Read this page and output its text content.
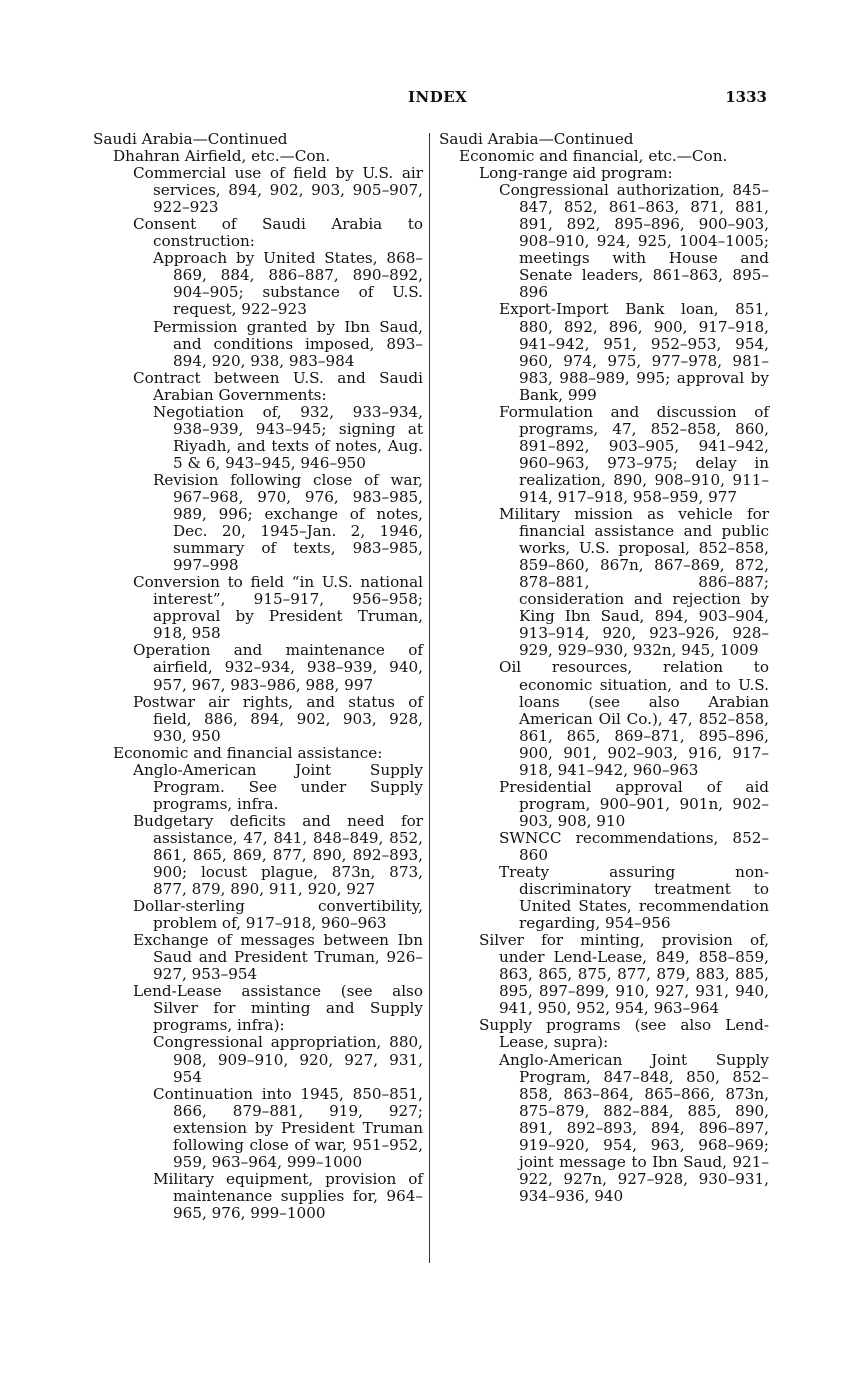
INDEX	1333
Saudi Arabia—Continued
Dhahran Airfield, etc.—Con.
Commercial use of field by U.S. air services, 894, 902, 903, 905–907, 922–923
Consent of Saudi Arabia to construction:
Approach by United States, 868–869, 884, 886–887, 890–892, 904–905; substance of U.S. request, 922–923
Permission granted by Ibn Saud, and conditions imposed, 893–894, 920, 938, 983–984
Contract between U.S. and Saudi Arabian Governments:
Negotiation of, 932, 933–934, 938–939, 943–945; signing at Riyadh, and texts of notes, Aug. 5 & 6, 943–945, 946–950
Revision following close of war, 967–968, 970, 976, 983–985, 989, 996; exchange of notes, Dec. 20, 1945–Jan. 2, 1946, summary of texts, 983–985, 997–998
Conversion to field “in U.S. national interest”, 915–917, 956–958; approval by President Truman, 918, 958
Operation and maintenance of airfield, 932–934, 938–939, 940, 957, 967, 983–986, 988, 997
Postwar air rights, and status of field, 886, 894, 902, 903, 928, 930, 950
Economic and financial assistance:
Anglo-American Joint Supply Program. See under Supply programs, infra.
Budgetary deficits and need for assistance, 47, 841, 848–849, 852, 861, 865, 869, 877, 890, 892–893, 900; locust plague, 873n, 873, 877, 879, 890, 911, 920, 927
Dollar-sterling convertibility, problem of, 917–918, 960–963
Exchange of messages between Ibn Saud and President Truman, 926–927, 953–954
Lend-Lease assistance (see also Silver for minting and Supply programs, infra):
Congressional appropriation, 880, 908, 909–910, 920, 927, 931, 954
Continuation into 1945, 850–851, 866, 879–881, 919, 927; extension by President Truman following close of war, 951–952, 959, 963–964, 999–1000
Military equipment, provision of maintenance supplies for, 964–965, 976, 999–1000
Saudi Arabia—Continued
Economic and financial, etc.—Con.
Long-range aid program:
Congressional authorization, 845–847, 852, 861–863, 871, 881, 891, 892, 895–896, 900–903, 908–910, 924, 925, 1004–1005; meetings with House and Senate leaders, 861–863, 895–896
Export-Import Bank loan, 851, 880, 892, 896, 900, 917–918, 941–942, 951, 952–953, 954, 960, 974, 975, 977–978, 981–983, 988–989, 995; approval by Bank, 999
Formulation and discussion of programs, 47, 852–858, 860, 891–892, 903–905, 941–942, 960–963, 973–975; delay in realization, 890, 908–910, 911–914, 917–918, 958–959, 977
Military mission as vehicle for financial assistance and public works, U.S. proposal, 852–858, 859–860, 867n, 867–869, 872, 878–881, 886–887; consideration and rejection by King Ibn Saud, 894, 903–904, 913–914, 920, 923–926, 928–929, 929–930, 932n, 945, 1009
Oil resources, relation to economic situation, and to U.S. loans (see also Arabian American Oil Co.), 47, 852–858, 861, 865, 869–871, 895–896, 900, 901, 902–903, 916, 917–918, 941–942, 960–963
Presidential approval of aid program, 900–901, 901n, 902–903, 908, 910
SWNCC recommendations, 852–860
Treaty assuring non-discriminatory treatment to United States, recommendation regarding, 954–956
Silver for minting, provision of, under Lend-Lease, 849, 858–859, 863, 865, 875, 877, 879, 883, 885, 895, 897–899, 910, 927, 931, 940, 941, 950, 952, 954, 963–964
Supply programs (see also Lend-Lease, supra):
Anglo-American Joint Supply Program, 847–848, 850, 852–858, 863–864, 865–866, 873n, 875–879, 882–884, 885, 890, 891, 892–893, 894, 896–897, 919–920, 954, 963, 968–969; joint message to Ibn Saud, 921–922, 927n, 927–928, 930–931, 934–936, 940
